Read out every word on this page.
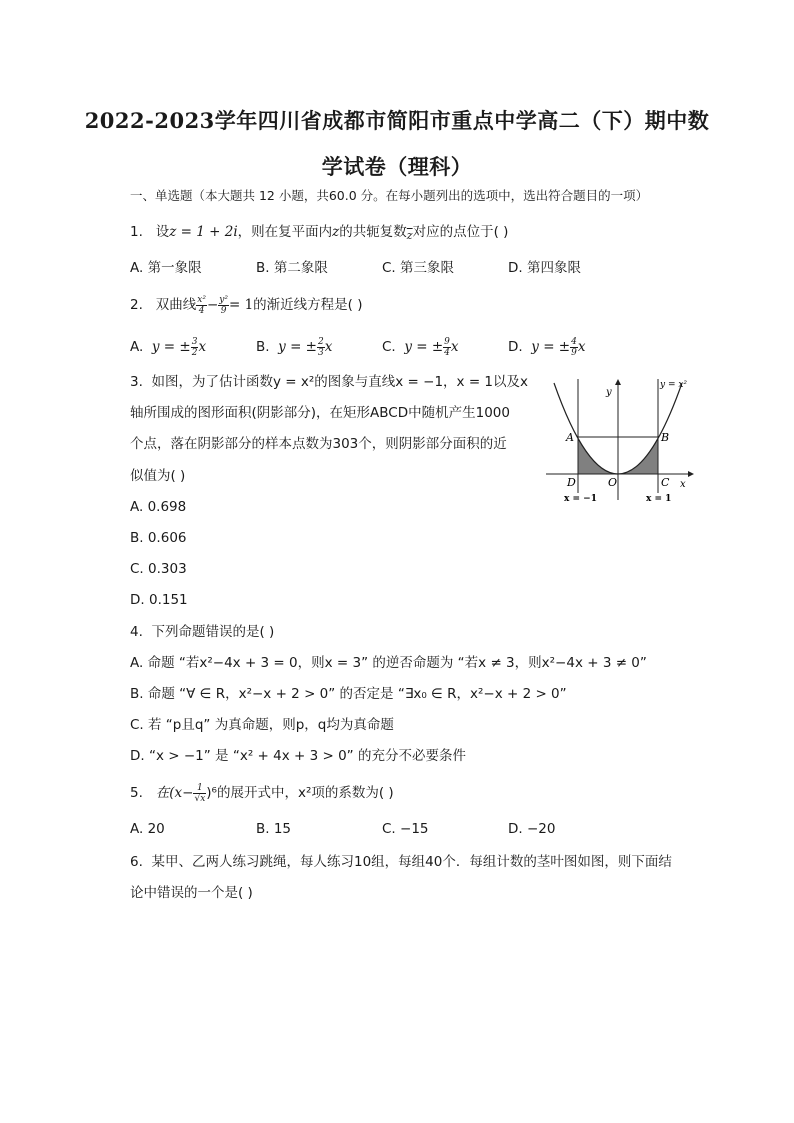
2022-2023学年四川省成都市简阳市重点中学高二（下）期中数
学试卷（理科）
一、单选题（本大题共 12 小题，共60.0 分。在每小题列出的选项中，选出符合题目的一项）
1. 设z = 1 + 2i，则在复平面内z的共轭复数$_{\overline{z}}$对应的点位于( )
A. 第一象限	B. 第二象限	C. 第三象限	D. 第四象限
2. 双曲线 $\frac{\text{x²}}{4} - \frac{\text{y²}}{9} = 1$的渐近线方程是( )
A. y = ± $\frac{3}{2}$ x	B. y = ± $\frac{2}{3}$ x	C. y = ± $\frac{9}{4}$ x	D. y = ± $\frac{4}{9}$ x
3. 如图，为了估计函数y = x²的图象与直线x = −1，x = 1以及x
轴所围成的图形面积(阴影部分)，在矩形ABCD中随机产生1000
个点，落在阴影部分的样本点数为303个，则阴影部分面积的近
似值为( )
A. 0.698
B. 0.606
C. 0.303
D. 0.151
y = x²
y
x
A	B
C
D	O
x = −1	x = 1
4. 下列命题错误的是( )
A. 命题 “若x²−4x + 3 = 0，则x = 3” 的逆否命题为 “若x ≠ 3，则x²−4x + 3 ≠ 0”
B. 命题 “∀ ∈ R，x²−x + 2 > 0” 的否定是 “∃x₀ ∈ R，x²−x + 2 > 0”
C. 若 “p且q” 为真命题，则p，q均为真命题
D. “x > −1” 是 “x² + 4x + 3 > 0” 的充分不必要条件
5. 在$(x- \frac{1}{√x} )^6$的展开式中，x²项的系数为( )
A. 20	B. 15	C. −15	D. −20
6. 某甲、乙两人练习跳绳，每人练习10组，每组40个．每组计数的茎叶图如图，则下面结
论中错误的一个是( )
